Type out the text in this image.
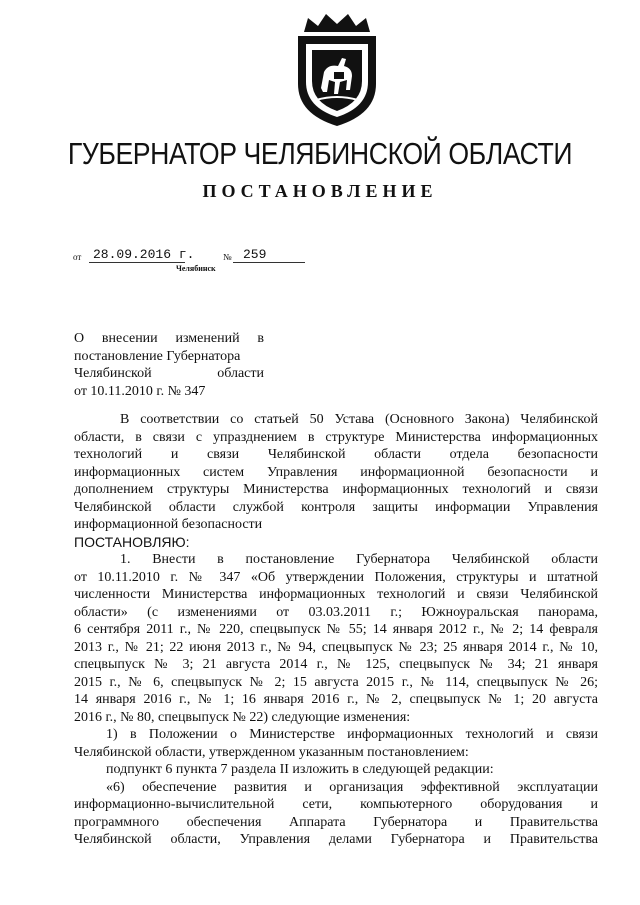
ГУБЕРНАТОР ЧЕЛЯБИНСКОЙ ОБЛАСТИ
ПОСТАНОВЛЕНИЕ
от 28.09.2016 г.	№ 259
Челябинск
О внесении изменений в
постановление Губернатора
Челябинской области
от 10.11.2010 г. № 347
В соответствии со статьей 50 Устава (Основного Закона) Челябинской
области, в связи с упразднением в структуре Министерства информационных
технологий и связи Челябинской области отдела безопасности
информационных систем Управления информационной безопасности и
дополнением структуры Министерства информационных технологий и связи
Челябинской области службой контроля защиты информации Управления
информационной безопасности
ПОСТАНОВЛЯЮ:
1. Внести в постановление Губернатора Челябинской области
от 10.11.2010 г. № 347 «Об утверждении Положения, структуры и штатной
численности Министерства информационных технологий и связи Челябинской
области» (с изменениями от 03.03.2011 г.; Южноуральская панорама,
6 сентября 2011 г., № 220, спецвыпуск № 55; 14 января 2012 г., № 2; 14 февраля
2013 г., № 21; 22 июня 2013 г., № 94, спецвыпуск № 23; 25 января 2014 г., № 10,
спецвыпуск № 3; 21 августа 2014 г., № 125, спецвыпуск № 34; 21 января
2015 г., № 6, спецвыпуск № 2; 15 августа 2015 г., № 114, спецвыпуск № 26;
14 января 2016 г., № 1; 16 января 2016 г., № 2, спецвыпуск № 1; 20 августа
2016 г., № 80, спецвыпуск № 22) следующие изменения:
1) в Положении о Министерстве информационных технологий и связи
Челябинской области, утвержденном указанным постановлением:
подпункт 6 пункта 7 раздела II изложить в следующей редакции:
«6) обеспечение развития и организация эффективной эксплуатации
информационно-вычислительной сети, компьютерного оборудования и
программного обеспечения Аппарата Губернатора и Правительства
Челябинской области, Управления делами Губернатора и Правительства
